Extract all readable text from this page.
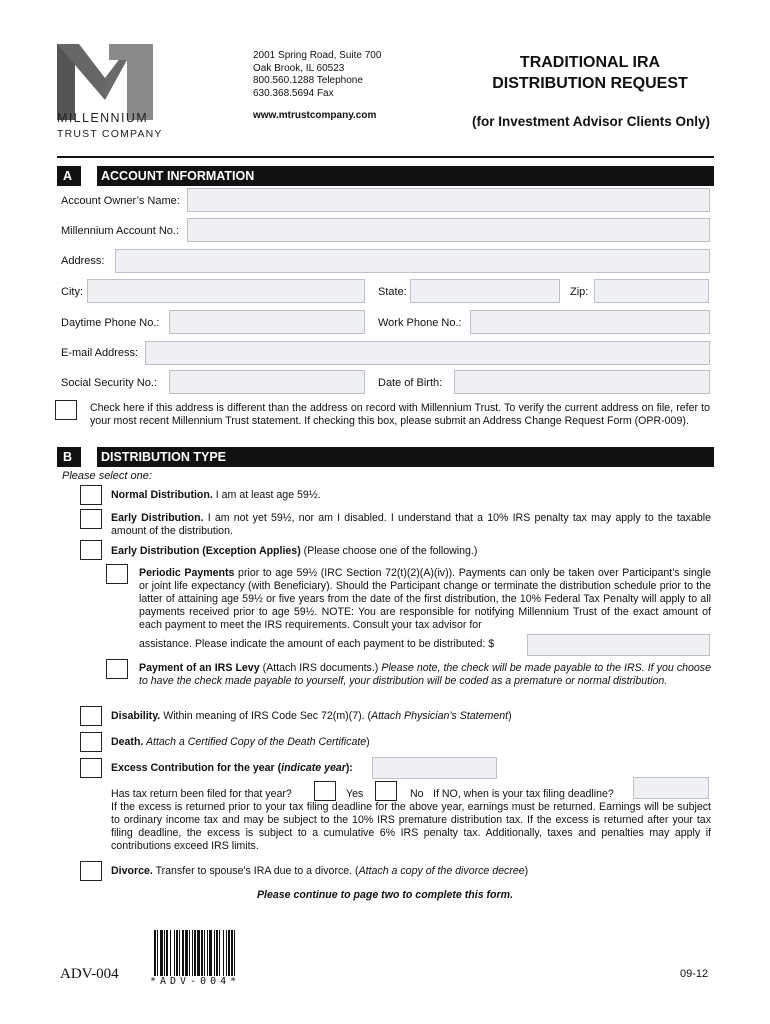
MILLENNIUM
TRUST COMPANY
2001 Spring Road, Suite 700
Oak Brook, IL 60523
800.560.1288 Telephone
630.368.5694 Fax
www.mtrustcompany.com
TRADITIONAL IRA
DISTRIBUTION REQUEST
(for Investment Advisor Clients Only)
A ACCOUNT INFORMATION
Account Owner’s Name:
Millennium Account No.:
Address:
City:	State:	Zip:
Daytime Phone No.:	Work Phone No.:
E-mail Address:
Social Security No.:	Date of Birth:
Check here if this address is different than the address on record with Millennium Trust. To verify the current address on file, refer to your most recent Millennium Trust statement. If checking this box, please submit an Address Change Request Form (OPR-009).
B DISTRIBUTION TYPE
Please select one:
Normal Distribution. I am at least age 59½.
Early Distribution. I am not yet 59½, nor am I disabled. I understand that a 10% IRS penalty tax may apply to the taxable amount of the distribution.
Early Distribution (Exception Applies) (Please choose one of the following.)
Periodic Payments prior to age 59½ (IRC Section 72(t)(2)(A)(iv)). Payments can only be taken over Participant’s single or joint life expectancy (with Beneficiary). Should the Participant change or terminate the distribution schedule prior to the latter of attaining age 59½ or five years from the date of the first distribution, the 10% Federal Tax Penalty will apply to all payments received prior to age 59½. NOTE: You are responsible for notifying Millennium Trust of the exact amount of each payment to meet the IRS requirements. Consult your tax advisor for
assistance. Please indicate the amount of each payment to be distributed: $
Payment of an IRS Levy (Attach IRS documents.) Please note, the check will be made payable to the IRS. If you choose to have the check made payable to yourself, your distribution will be coded as a premature or normal distribution.
Disability. Within meaning of IRS Code Sec 72(m)(7). (Attach Physician’s Statement)
Death. Attach a Certified Copy of the Death Certificate)
Excess Contribution for the year (indicate year):
Has tax return been filed for that year?	Yes	No If NO, when is your tax filing deadline?
If the excess is returned prior to your tax filing deadline for the above year, earnings must be returned. Earnings will be subject to ordinary income tax and may be subject to the 10% IRS premature distribution tax. If the excess is returned after your tax filing deadline, the excess is subject to a cumulative 6% IRS penalty tax. Additionally, taxes and penalties may apply if contributions exceed IRS limits.
Divorce. Transfer to spouse's IRA due to a divorce. (Attach a copy of the divorce decree)
Please continue to page two to complete this form.
*ADV-004*
ADV-004	09-12
